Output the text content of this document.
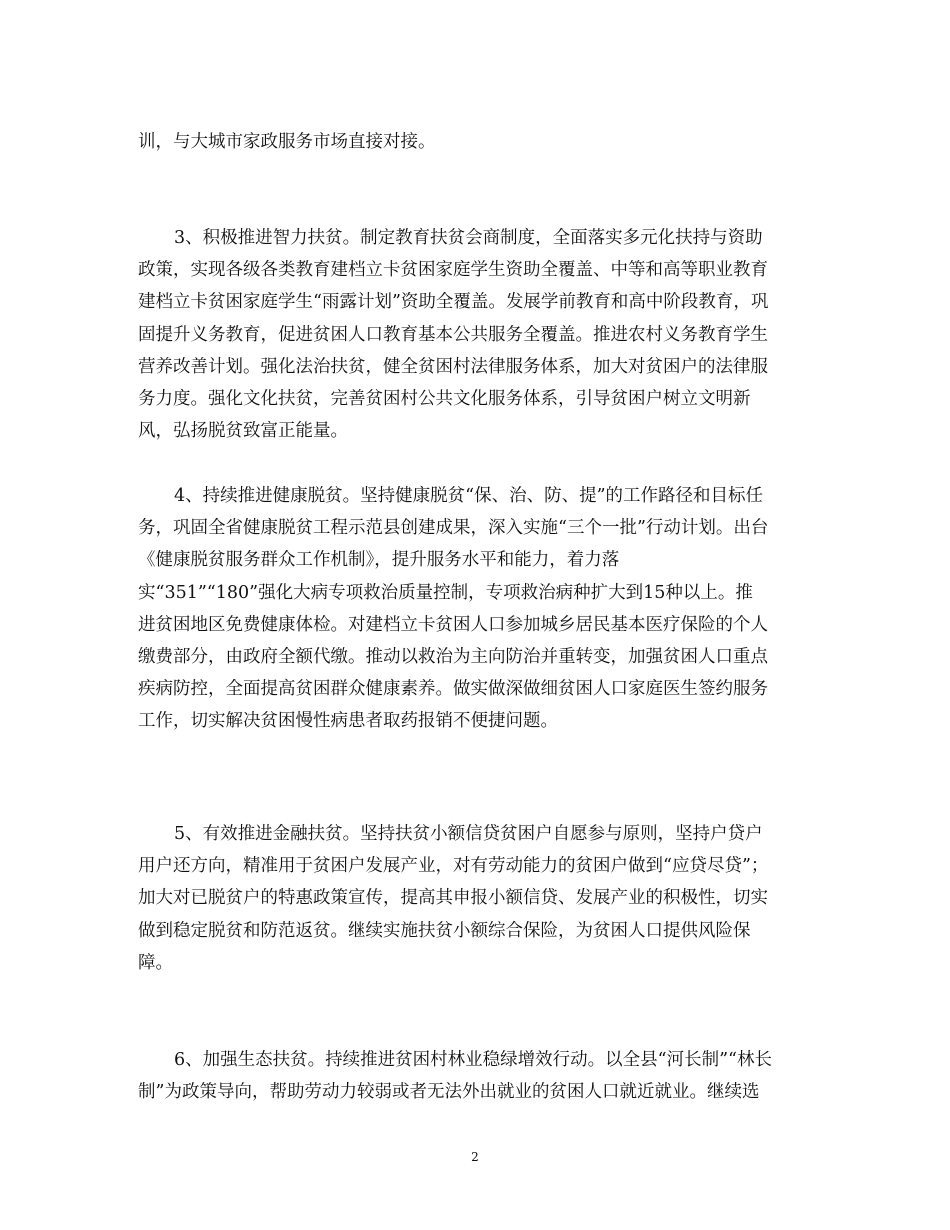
训，与大城市家政服务市场直接对接。
3、积极推进智力扶贫。制定教育扶贫会商制度，全面落实多元化扶持与资助
政策，实现各级各类教育建档立卡贫困家庭学生资助全覆盖、中等和高等职业教育
建档立卡贫困家庭学生“雨露计划”资助全覆盖。发展学前教育和高中阶段教育，巩
固提升义务教育，促进贫困人口教育基本公共服务全覆盖。推进农村义务教育学生
营养改善计划。强化法治扶贫，健全贫困村法律服务体系，加大对贫困户的法律服
务力度。强化文化扶贫，完善贫困村公共文化服务体系，引导贫困户树立文明新
风，弘扬脱贫致富正能量。
4、持续推进健康脱贫。坚持健康脱贫“保、治、防、提”的工作路径和目标任
务，巩固全省健康脱贫工程示范县创建成果，深入实施“三个一批”行动计划。出台
《健康脱贫服务群众工作机制》，提升服务水平和能力，着力落
实“351”“180”强化大病专项救治质量控制，专项救治病种扩大到15种以上。推
进贫困地区免费健康体检。对建档立卡贫困人口参加城乡居民基本医疗保险的个人
缴费部分，由政府全额代缴。推动以救治为主向防治并重转变，加强贫困人口重点
疾病防控，全面提高贫困群众健康素养。做实做深做细贫困人口家庭医生签约服务
工作，切实解决贫困慢性病患者取药报销不便捷问题。
5、有效推进金融扶贫。坚持扶贫小额信贷贫困户自愿参与原则，坚持户贷户
用户还方向，精准用于贫困户发展产业，对有劳动能力的贫困户做到“应贷尽贷”；
加大对已脱贫户的特惠政策宣传，提高其申报小额信贷、发展产业的积极性，切实
做到稳定脱贫和防范返贫。继续实施扶贫小额综合保险，为贫困人口提供风险保
障。
6、加强生态扶贫。持续推进贫困村林业稳绿增效行动。以全县“河长制”“林长
制”为政策导向，帮助劳动力较弱或者无法外出就业的贫困人口就近就业。继续选
2
